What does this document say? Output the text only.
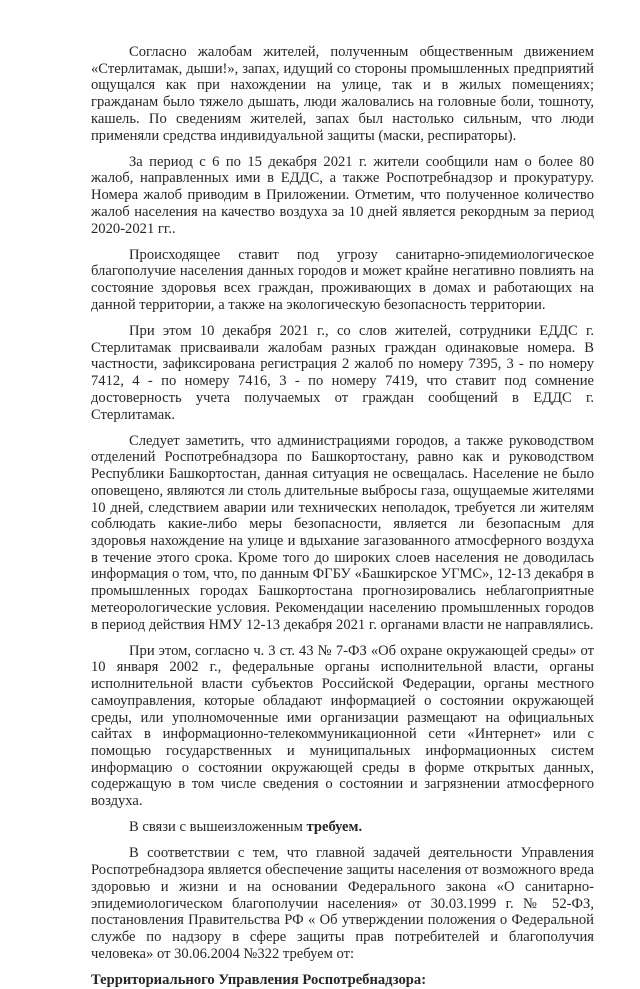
Согласно жалобам жителей, полученным общественным движением «Стерлитамак, дыши!», запах, идущий со стороны промышленных предприятий ощущался как при нахождении на улице, так и в жилых помещениях; гражданам было тяжело дышать, люди жаловались на головные боли, тошноту, кашель. По сведениям жителей, запах был настолько сильным, что люди применяли средства индивидуальной защиты (маски, респираторы).

За период с 6 по 15 декабря 2021 г. жители сообщили нам о более 80 жалоб, направленных ими в ЕДДС, а также Роспотребнадзор и прокуратуру. Номера жалоб приводим в Приложении. Отметим, что полученное количество жалоб населения на качество воздуха за 10 дней является рекордным за период 2020-2021 гг..

Происходящее ставит под угрозу санитарно-эпидемиологическое благополучие населения данных городов и может крайне негативно повлиять на состояние здоровья всех граждан, проживающих в домах и работающих на данной территории, а также на экологическую безопасность территории.

При этом 10 декабря 2021 г., со слов жителей, сотрудники ЕДДС г. Стерлитамак присваивали жалобам разных граждан одинаковые номера. В частности, зафиксирована регистрация 2 жалоб по номеру 7395, 3 - по номеру 7412, 4 - по номеру 7416, 3 - по номеру 7419, что ставит под сомнение достоверность учета получаемых от граждан сообщений в ЕДДС г. Стерлитамак.

Следует заметить, что администрациями городов, а также руководством отделений Роспотребнадзора по Башкортостану, равно как и руководством Республики Башкортостан, данная ситуация не освещалась. Население не было оповещено, являются ли столь длительные выбросы газа, ощущаемые жителями 10 дней, следствием аварии или технических неполадок, требуется ли жителям соблюдать какие-либо меры безопасности, является ли безопасным для здоровья нахождение на улице и вдыхание загазованного атмосферного воздуха в течение этого срока. Кроме того до широких слоев населения не доводилась информация о том, что, по данным ФГБУ «Башкирское УГМС», 12-13 декабря в промышленных городах Башкортостана прогнозировались неблагоприятные метеорологические условия. Рекомендации населению промышленных городов в период действия НМУ 12-13 декабря 2021 г. органами власти не направлялись.

При этом, согласно ч. 3 ст. 43 № 7-ФЗ «Об охране окружающей среды» от 10 января 2002 г., федеральные органы исполнительной власти, органы исполнительной власти субъектов Российской Федерации, органы местного самоуправления, которые обладают информацией о состоянии окружающей среды, или уполномоченные ими организации размещают на официальных сайтах в информационно-телекоммуникационной сети «Интернет» или с помощью государственных и муниципальных информационных систем информацию о состоянии окружающей среды в форме открытых данных, содержащую в том числе сведения о состоянии и загрязнении атмосферного воздуха.

В связи с вышеизложенным требуем.

В соответствии с тем, что главной задачей деятельности Управления Роспотребнадзора является обеспечение защиты населения от возможного вреда здоровью и жизни и на основании Федерального закона «О санитарно-эпидемиологическом благополучии населения» от 30.03.1999 г. № 52-ФЗ, постановления Правительства РФ « Об утверждении положения о Федеральной службе по надзору в сфере защиты прав потребителей и благополучия человека» от 30.06.2004 №322 требуем от:

Территориального Управления Роспотребнадзора:
